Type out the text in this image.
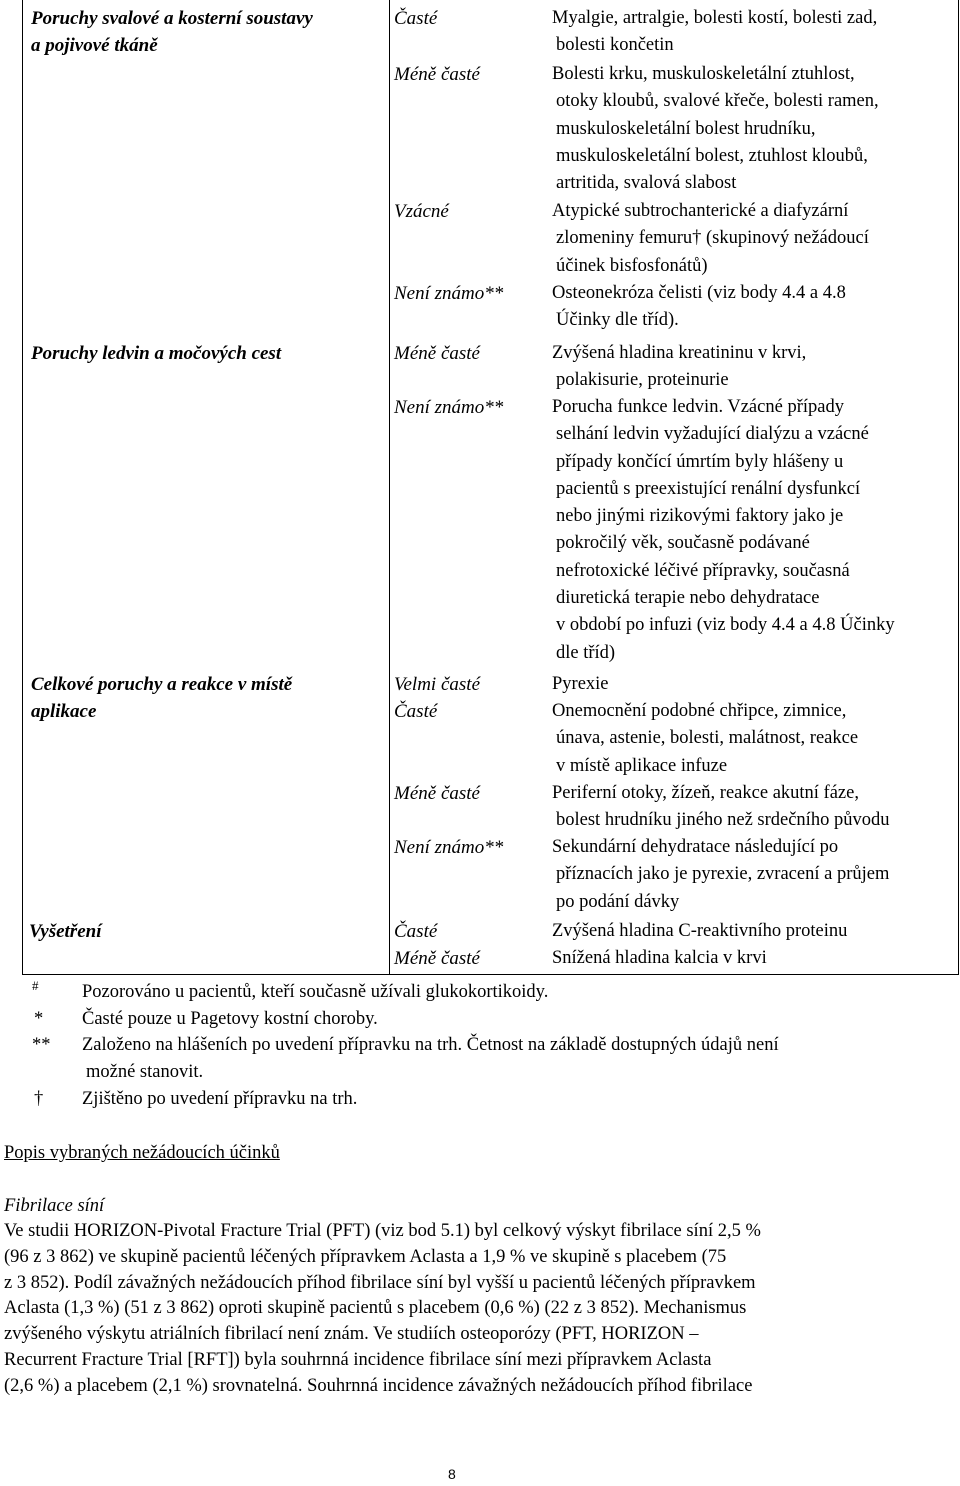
Poruchy svalové a kosterní soustavy
a pojivové tkáně
Časté	Myalgie, artralgie, bolesti kostí, bolesti zad,
bolesti končetin
Méně časté	Bolesti krku, muskuloskeletální ztuhlost,
otoky kloubů, svalové křeče, bolesti ramen,
muskuloskeletální bolest hrudníku,
muskuloskeletální bolest, ztuhlost kloubů,
artritida, svalová slabost
Vzácné	Atypické subtrochanterické a diafyzární
zlomeniny femuru† (skupinový nežádoucí
účinek bisfosfonátů)
Není známo**	Osteonekróza čelisti (viz body 4.4 a 4.8
Účinky dle tříd).
Poruchy ledvin a močových cest	Méně časté	Zvýšená hladina kreatininu v krvi,
polakisurie, proteinurie
Není známo**	Porucha funkce ledvin. Vzácné případy
selhání ledvin vyžadující dialýzu a vzácné
případy končící úmrtím byly hlášeny u
pacientů s preexistující renální dysfunkcí
nebo jinými rizikovými faktory jako je
pokročilý věk, současně podávané
nefrotoxické léčivé přípravky, současná
diuretická terapie nebo dehydratace
v období po infuzi (viz body 4.4 a 4.8 Účinky
dle tříd)
Celkové poruchy a reakce v místě
aplikace
Velmi časté	Pyrexie
Časté	Onemocnění podobné chřipce, zimnice,
únava, astenie, bolesti, malátnost, reakce
v místě aplikace infuze
Méně časté	Periferní otoky, žízeň, reakce akutní fáze,
bolest hrudníku jiného než srdečního původu
Není známo**	Sekundární dehydratace následující po
příznacích jako je pyrexie, zvracení a průjem
po podání dávky
Vyšetření	Časté	Zvýšená hladina C-reaktivního proteinu
Méně časté	Snížená hladina kalcia v krvi
# Pozorováno u pacientů, kteří současně užívali glukokortikoidy.
* Časté pouze u Pagetovy kostní choroby.
** Založeno na hlášeních po uvedení přípravku na trh. Četnost na základě dostupných údajů není
možné stanovit.
† Zjištěno po uvedení přípravku na trh.
Popis vybraných nežádoucích účinků
Fibrilace síní
Ve studii HORIZON-Pivotal Fracture Trial (PFT) (viz bod 5.1) byl celkový výskyt fibrilace síní 2,5 %
(96 z 3 862) ve skupině pacientů léčených přípravkem Aclasta a 1,9 % ve skupině s placebem (75
z 3 852). Podíl závažných nežádoucích příhod fibrilace síní byl vyšší u pacientů léčených přípravkem
Aclasta (1,3 %) (51 z 3 862) oproti skupině pacientů s placebem (0,6 %) (22 z 3 852). Mechanismus
zvýšeného výskytu atriálních fibrilací není znám. Ve studiích osteoporózy (PFT, HORIZON –
Recurrent Fracture Trial [RFT]) byla souhrnná incidence fibrilace síní mezi přípravkem Aclasta
(2,6 %) a placebem (2,1 %) srovnatelná. Souhrnná incidence závažných nežádoucích příhod fibrilace
8
